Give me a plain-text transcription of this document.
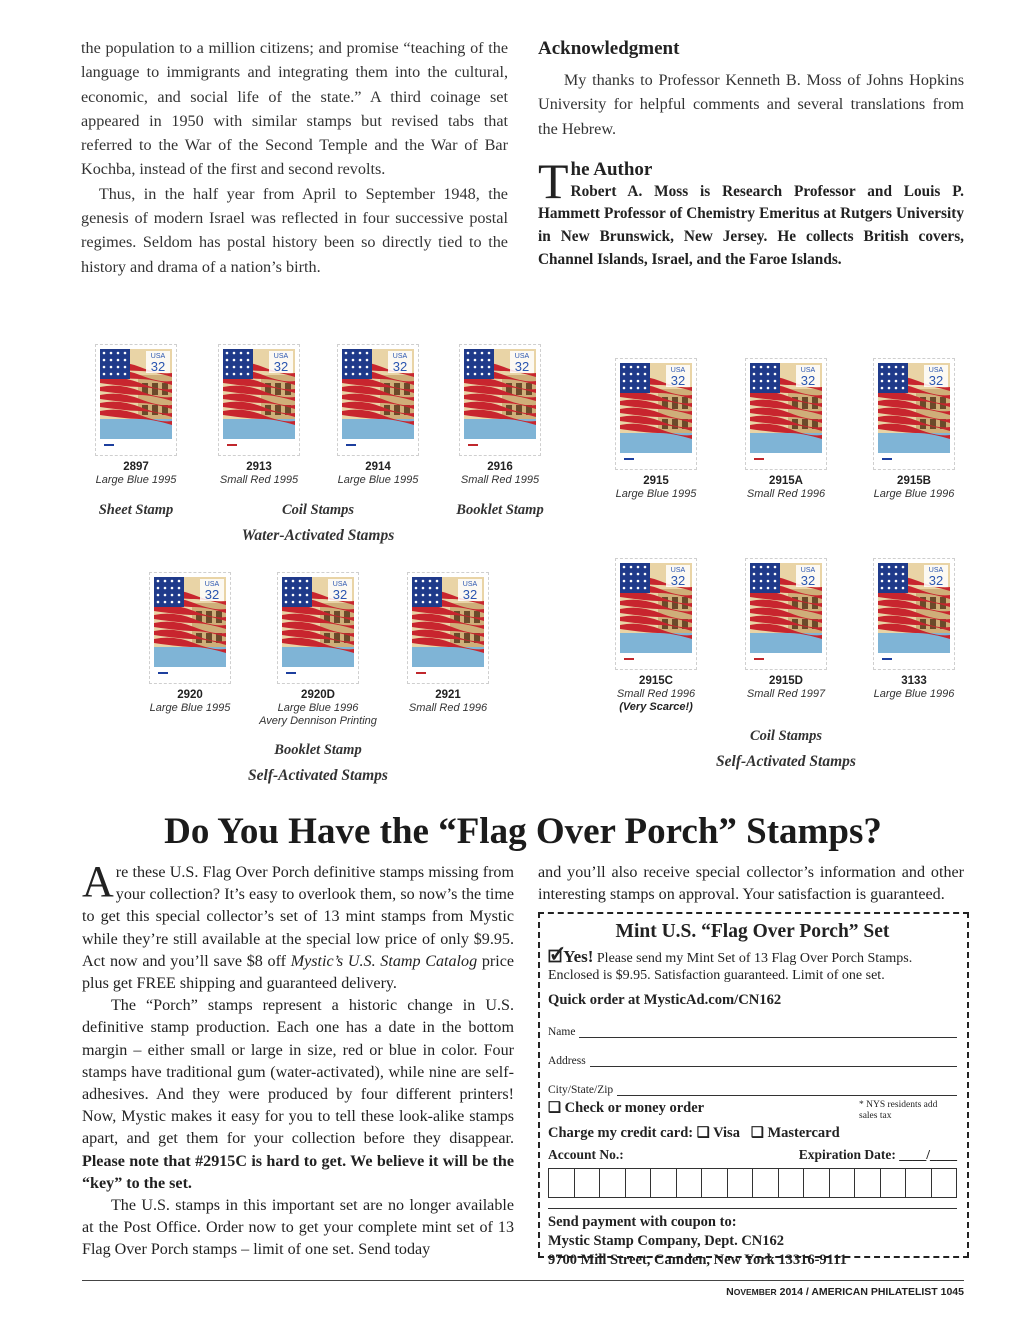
the population to a million citizens; and promise “teaching of the language to immigrants and integrating them into the cultural, economic, and social life of the state.” A third coinage set appeared in 1950 with similar stamps but revised tabs that referred to the War of the Second Temple and the War of Bar Kochba, instead of the first and second revolts.

Thus, in the half year from April to September 1948, the genesis of modern Israel was reflected in four successive postal regimes. Seldom has postal history been so directly tied to the history and drama of a nation’s birth.

Acknowledgment

My thanks to Professor Kenneth B. Moss of Johns Hopkins University for helpful comments and several translations from the Hebrew.

T he Author
Robert A. Moss is Research Professor and Louis P. Hammett Professor of Chemistry Emeritus at Rutgers University in New Brunswick, New Jersey. He collects British covers, Channel Islands, Israel, and the Faroe Islands.
USA
32
2897
Large Blue 1995
USA
32
2913
Small Red 1995
USA
32
2914
Large Blue 1995
USA
32
2916
Small Red 1995
USA
32
2915
Large Blue 1995
USA
32
2915A
Small Red 1996
USA
32
2915B
Large Blue 1996
USA
32
2920
Large Blue 1995
USA
32
2920D
Large Blue 1996
Avery Dennison Printing
USA
32
2921
Small Red 1996
USA
32
2915C
Small Red 1996
(Very Scarce!)
USA
32
2915D
Small Red 1997
USA
32
3133
Large Blue 1996
Sheet Stamp	Coil Stamps	Booklet Stamp
Water-Activated Stamps
Booklet Stamp
Self-Activated Stamps
Coil Stamps
Self-Activated Stamps
Do You Have the “Flag Over Porch” Stamps?

Are these U.S. Flag Over Porch definitive stamps missing from your collection? It’s easy to overlook them, so now’s the time to get this special collector’s set of 13 mint stamps from Mystic while they’re still available at the special low price of only $9.95. Act now and you’ll save $8 off Mystic’s U.S. Stamp Catalog price plus get FREE shipping and guaranteed delivery.

The “Porch” stamps represent a historic change in U.S. definitive stamp production. Each one has a date in the bottom margin – either small or large in size, red or blue in color. Four stamps have traditional gum (water-activated), while nine are self-adhesives. And they were produced by four different printers! Now, Mystic makes it easy for you to tell these look-alike stamps apart, and get them for your collection before they disappear. Please note that #2915C is hard to get. We believe it will be the “key” to the set.

The U.S. stamps in this important set are no longer available at the Post Office. Order now to get your complete mint set of 13 Flag Over Porch stamps – limit of one set. Send today

and you’ll also receive special collector’s information and other interesting stamps on approval. Your satisfaction is guaranteed.
Mint U.S. “Flag Over Porch” Set
🗹Yes! Please send my Mint Set of 13 Flag Over Porch Stamps. Enclosed is $9.95. Satisfaction guaranteed. Limit of one set.
Quick order at MysticAd.com/CN162
Name
Address
City/State/Zip
❑ Check or money order	* NYS residents add sales tax
Charge my credit card: ❑ Visa ❑ Mastercard
Account No.:	Expiration Date: ____/____
Send payment with coupon to:
Mystic Stamp Company, Dept. CN162
9700 Mill Street, Camden, New York 13316-9111
NOVEMBER 2014 / AMERICAN PHILATELIST 1045
